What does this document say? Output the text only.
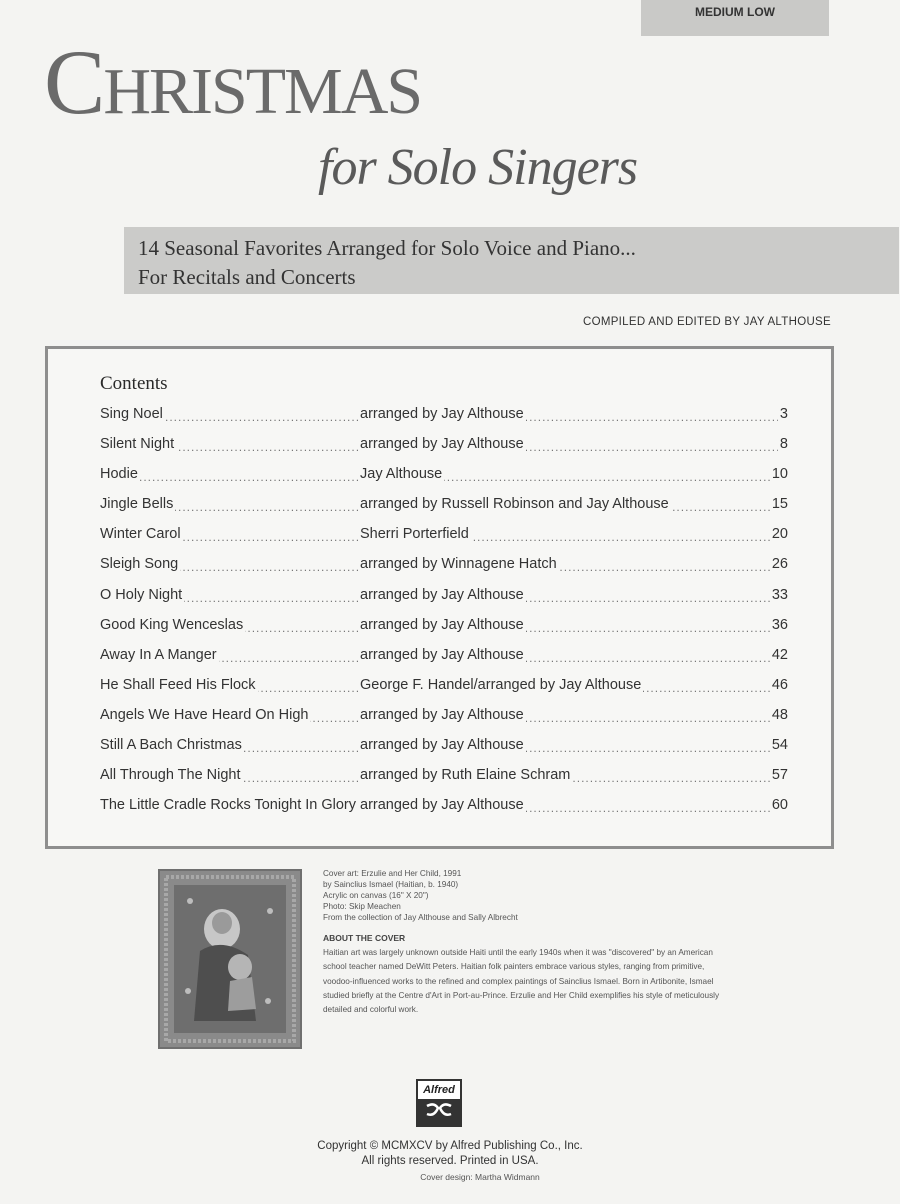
MEDIUM LOW
CHRISTMAS
for Solo Singers
14 Seasonal Favorites Arranged for Solo Voice and Piano...
For Recitals and Concerts
COMPILED AND EDITED BY JAY ALTHOUSE
Contents
Sing Noel	arranged by Jay Althouse	3
Silent Night	arranged by Jay Althouse	8
Hodie	Jay Althouse	10
Jingle Bells	arranged by Russell Robinson and Jay Althouse	15
Winter Carol	Sherri Porterfield	20
Sleigh Song	arranged by Winnagene Hatch	26
O Holy Night	arranged by Jay Althouse	33
Good King Wenceslas	arranged by Jay Althouse	36
Away In A Manger	arranged by Jay Althouse	42
He Shall Feed His Flock	George F. Handel/arranged by Jay Althouse	46
Angels We Have Heard On High	arranged by Jay Althouse	48
Still A Bach Christmas	arranged by Jay Althouse	54
All Through The Night	arranged by Ruth Elaine Schram	57
The Little Cradle Rocks Tonight In Glory arranged by Jay Althouse	60
Cover art: Erzulie and Her Child, 1991
by Sainclius Ismael (Haitian, b. 1940)
Acrylic on canvas (16" X 20")
Photo: Skip Meachen
From the collection of Jay Althouse and Sally Albrecht
ABOUT THE COVER
Haitian art was largely unknown outside Haiti until the early 1940s when it was "discovered" by an American school teacher named DeWitt Peters. Haitian folk painters embrace various styles, ranging from primitive, voodoo-influenced works to the refined and complex paintings of Sainclius Ismael. Born in Artibonite, Ismael studied briefly at the Centre d'Art in Port-au-Prince. Erzulie and Her Child exemplifies his style of meticulously detailed and colorful work.
Alfred
Copyright © MCMXCV by Alfred Publishing Co., Inc.
All rights reserved. Printed in USA.
Cover design: Martha Widmann
